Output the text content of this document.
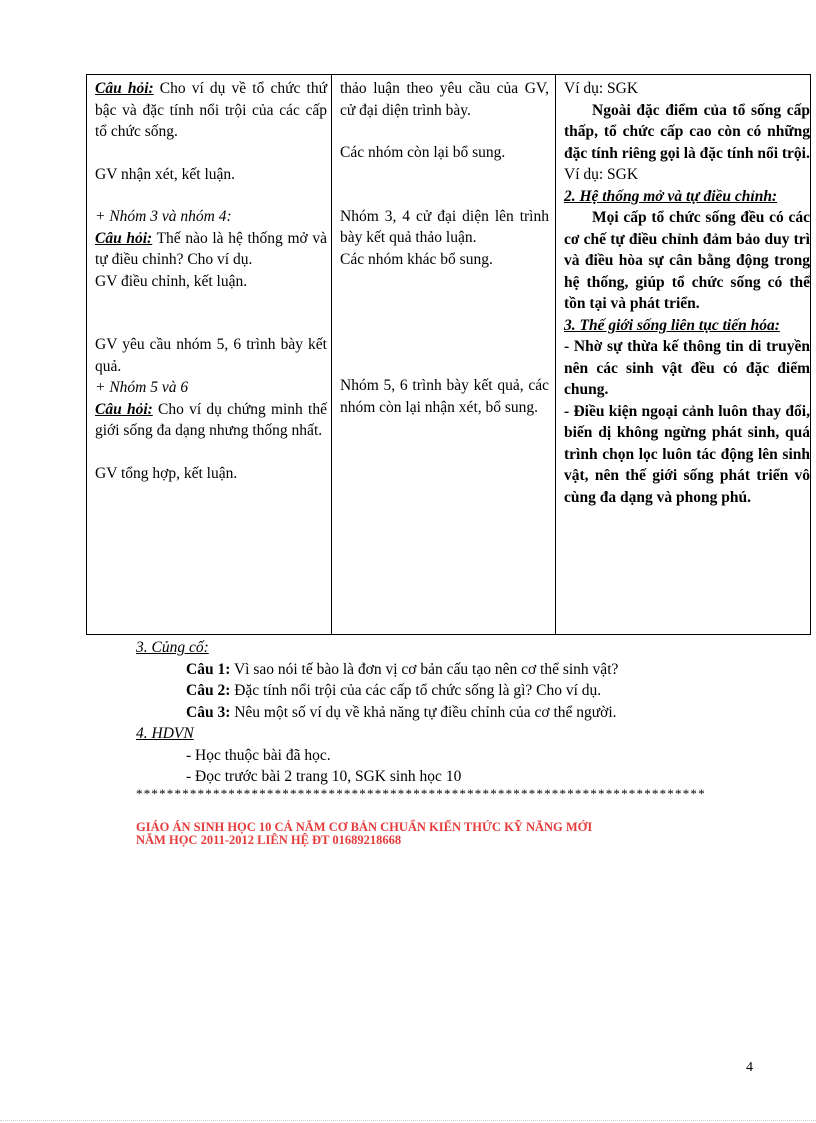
Câu hỏi: Cho ví dụ về tổ chức thứ bậc và đặc tính nổi trội của các cấp tổ chức sống.

GV nhận xét, kết luận.

+ Nhóm 3 và nhóm 4:

Câu hỏi: Thế nào là hệ thống mở và tự điều chỉnh? Cho ví dụ.

GV điều chỉnh, kết luận.

GV yêu cầu nhóm 5, 6 trình bày kết quả.

+ Nhóm 5 và 6

Câu hỏi: Cho ví dụ chứng minh thế giới sống đa dạng nhưng thống nhất.

GV tổng hợp, kết luận.

thảo luận theo yêu cầu của GV, cử đại diện trình bày.

Các nhóm còn lại bổ sung.

Nhóm 3, 4 cử đại diện lên trình bày kết quả thảo luận.

Các nhóm khác bổ sung.

Nhóm 5, 6 trình bày kết quả, các nhóm còn lại nhận xét, bổ sung.

Ví dụ: SGK

Ngoài đặc điểm của tổ sống cấp thấp, tổ chức cấp cao còn có những đặc tính riêng gọi là đặc tính nổi trội.

Ví dụ: SGK

2. Hệ thống mở và tự điều chỉnh:

Mọi cấp tổ chức sống đều có các cơ chế tự điều chỉnh đảm bảo duy trì và điều hòa sự cân bằng động trong hệ thống, giúp tổ chức sống có thể tồn tại và phát triển.

3. Thế giới sống liên tục tiến hóa:

- Nhờ sự thừa kế thông tin di truyền nên các sinh vật đều có đặc điểm chung.

- Điều kiện ngoại cảnh luôn thay đổi, biến dị không ngừng phát sinh, quá trình chọn lọc luôn tác động lên sinh vật, nên thế giới sống phát triển vô cùng đa dạng và phong phú.

3. Củng cố:

Câu 1: Vì sao nói tế bào là đơn vị cơ bản cấu tạo nên cơ thể sinh vật?

Câu 2: Đặc tính nổi trội của các cấp tổ chức sống là gì? Cho ví dụ.

Câu 3: Nêu một số ví dụ về khả năng tự điều chỉnh của cơ thể người.

4. HDVN

- Học thuộc bài đã học.

- Đọc trước bài 2 trang 10, SGK sinh học 10

**************************************************************************
GIÁO ÁN SINH HỌC 10 CẢ NĂM CƠ BẢN CHUẨN KIẾN THỨC KỸ NĂNG MỚI
NĂM HỌC 2011-2012 LIÊN HỆ ĐT 01689218668
4
